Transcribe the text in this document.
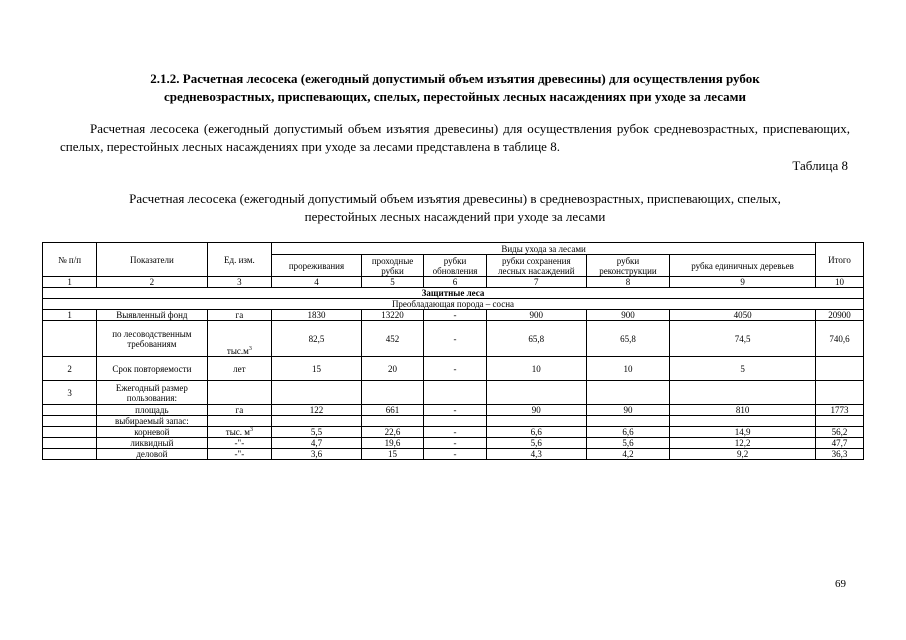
2.1.2. Расчетная лесосека (ежегодный допустимый объем изъятия древесины) для осуществления рубок
средневозрастных, приспевающих, спелых, перестойных лесных насаждениях при уходе за лесами
Расчетная лесосека (ежегодный допустимый объем изъятия древесины) для осуществления рубок средневозрастных, приспевающих, спелых, перестойных лесных насаждениях при уходе за лесами представлена в таблице 8.
Таблица 8
Расчетная лесосека (ежегодный допустимый объем изъятия древесины) в средневозрастных, приспевающих, спелых,
перестойных лесных насаждений при уходе за лесами
№ п/п	Показатели	Ед. изм.	Виды ухода за лесами						Итого
			прореживания	проходные рубки	рубки обновления	рубки сохранения лесных насаждений	рубки реконструкции	рубка единичных деревьев	
1	2	3	4	5	6	7	8	9	10
Защитные леса									
Преобладающая порода – сосна									
1	Выявленный фонд	га	1830	13220	-	900	900	4050	20900
	по лесоводственным требованиям	$тыс.м^3$	82,5	452	-	65,8	65,8	74,5	740,6
2	Срок повторяемости	лет	15	20	-	10	10	5	
3	Ежегодный размер пользования:								
	площадь	га	122	661	-	90	90	810	1773
	выбираемый запас:								
	корневой	тыс. $м^3$	5,5	22,6	-	6,6	6,6	14,9	56,2
	ликвидный	-"-	4,7	19,6	-	5,6	5,6	12,2	47,7
	деловой	-"-	3,6	15	-	4,3	4,2	9,2	36,3
69
